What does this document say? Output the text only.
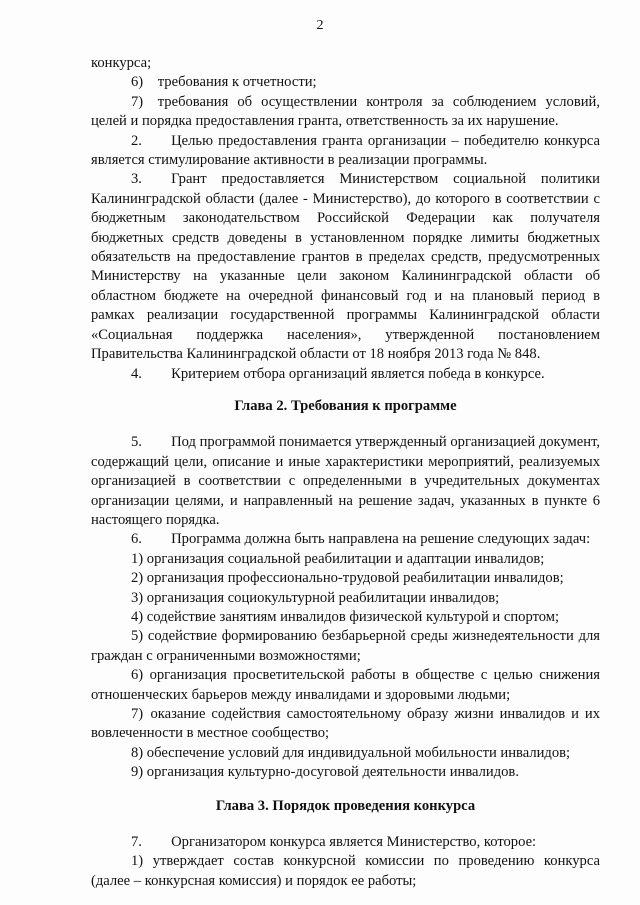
2

конкурса;

6) требования к отчетности;

7) требования об осуществлении контроля за соблюдением условий, целей и порядка предоставления гранта, ответственность за их нарушение.

2.  Целью предоставления гранта организации – победителю конкурса является стимулирование активности в реализации программы.

3.  Грант предоставляется Министерством социальной политики Калининградской области (далее - Министерство), до которого в соответствии с бюджетным законодательством Российской Федерации как получателя бюджетных средств доведены в установленном порядке лимиты бюджетных обязательств на предоставление грантов в пределах средств, предусмотренных Министерству на указанные цели законом Калининградской области об областном бюджете на очередной финансовый год и на плановый период в рамках реализации государственной программы Калининградской области «Социальная поддержка населения», утвержденной постановлением Правительства Калининградской области от 18 ноября 2013 года № 848.

4.  Критерием отбора организаций является победа в конкурсе.

Глава 2. Требования к программе

5.  Под программой понимается утвержденный организацией документ, содержащий цели, описание и иные характеристики мероприятий, реализуемых организацией в соответствии с определенными в учредительных документах организации целями, и направленный на решение задач, указанных в пункте 6 настоящего порядка.

6.  Программа должна быть направлена на решение следующих задач:

1) организация социальной реабилитации и адаптации инвалидов;

2) организация профессионально-трудовой реабилитации инвалидов;

3) организация социокультурной реабилитации инвалидов;

4) содействие занятиям инвалидов физической культурой и спортом;

5) содействие формированию безбарьерной среды жизнедеятельности для граждан с ограниченными возможностями;

6) организация просветительской работы в обществе с целью снижения отношенческих барьеров между инвалидами и здоровыми людьми;

7) оказание содействия самостоятельному образу жизни инвалидов и их вовлеченности в местное сообщество;

8) обеспечение условий для индивидуальной мобильности инвалидов;

9) организация культурно-досуговой деятельности инвалидов.

Глава 3. Порядок проведения конкурса

7.  Организатором конкурса является Министерство, которое:

1) утверждает состав конкурсной комиссии по проведению конкурса (далее – конкурсная комиссия) и порядок ее работы;
